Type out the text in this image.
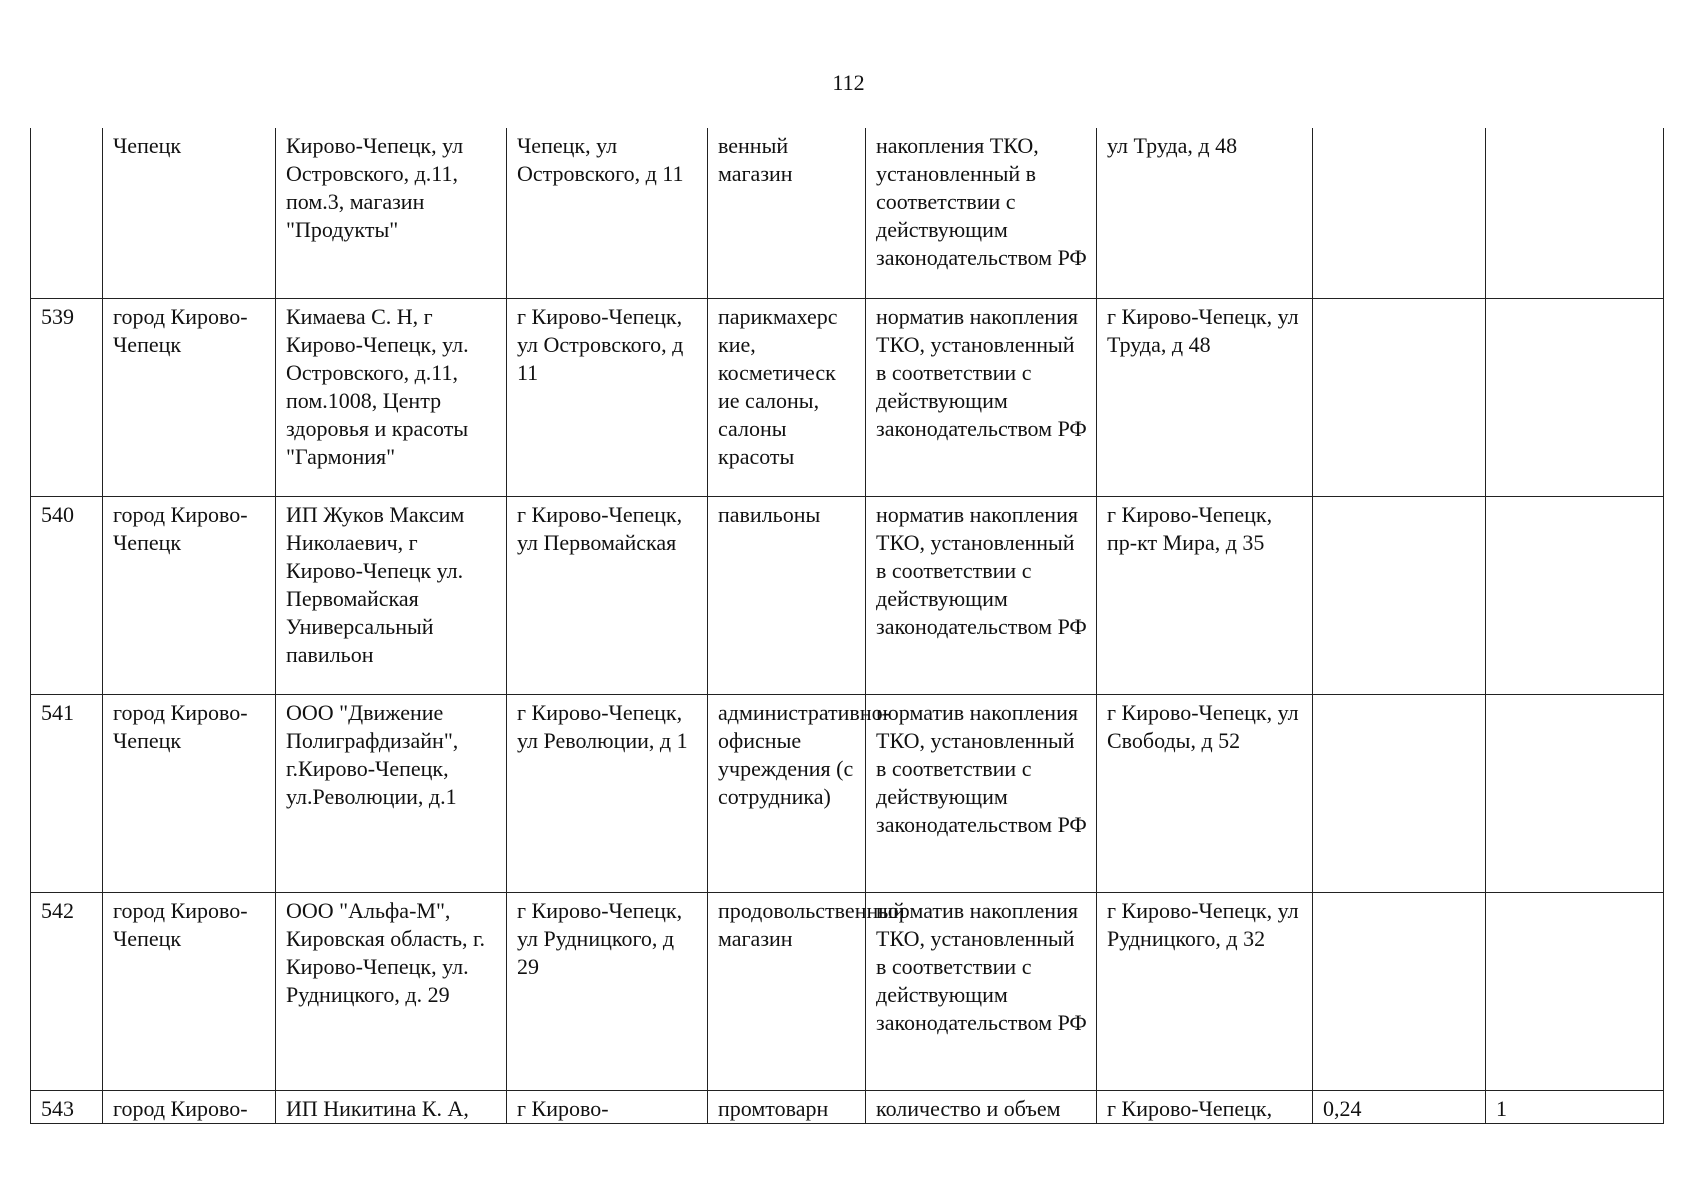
112
	Чепецк	Кирово-Чепецк, ул Островского, д.11, пом.3, магазин "Продукты"	Чепецк, ул Островского, д 11	венный магазин	накопления ТКО, установленный в соответствии с действующим законодательством РФ	ул Труда, д 48		
539	город Кирово-Чепецк	Кимаева С. Н, г Кирово-Чепецк, ул. Островского, д.11, пом.1008, Центр здоровья и красоты "Гармония"	г Кирово-Чепецк, ул Островского, д 11	парикмахерс кие, косметическ ие салоны, салоны красоты	норматив накопления ТКО, установленный в соответствии с действующим законодательством РФ	г Кирово-Чепецк, ул Труда, д 48		
540	город Кирово-Чепецк	ИП Жуков Максим Николаевич, г Кирово-Чепецк ул. Первомайская Универсальный павильон	г Кирово-Чепецк, ул Первомайская	павильоны	норматив накопления ТКО, установленный в соответствии с действующим законодательством РФ	г Кирово-Чепецк, пр-кт Мира, д 35		
541	город Кирово-Чепецк	ООО "Движение Полиграфдизайн", г.Кирово-Чепецк, ул.Революции, д.1	г Кирово-Чепецк, ул Революции, д 1	административно-офисные учреждения (с сотрудника)	норматив накопления ТКО, установленный в соответствии с действующим законодательством РФ	г Кирово-Чепецк, ул Свободы, д 52		
542	город Кирово-Чепецк	ООО "Альфа-М", Кировская область, г. Кирово-Чепецк, ул. Рудницкого, д. 29	г Кирово-Чепецк, ул Рудницкого, д 29	продовольственный магазин	норматив накопления ТКО, установленный в соответствии с действующим законодательством РФ	г Кирово-Чепецк, ул Рудницкого, д 32		
543	город Кирово-	ИП Никитина К. А,	г Кирово-	промтоварн	количество и объем	г Кирово-Чепецк,	0,24	1
